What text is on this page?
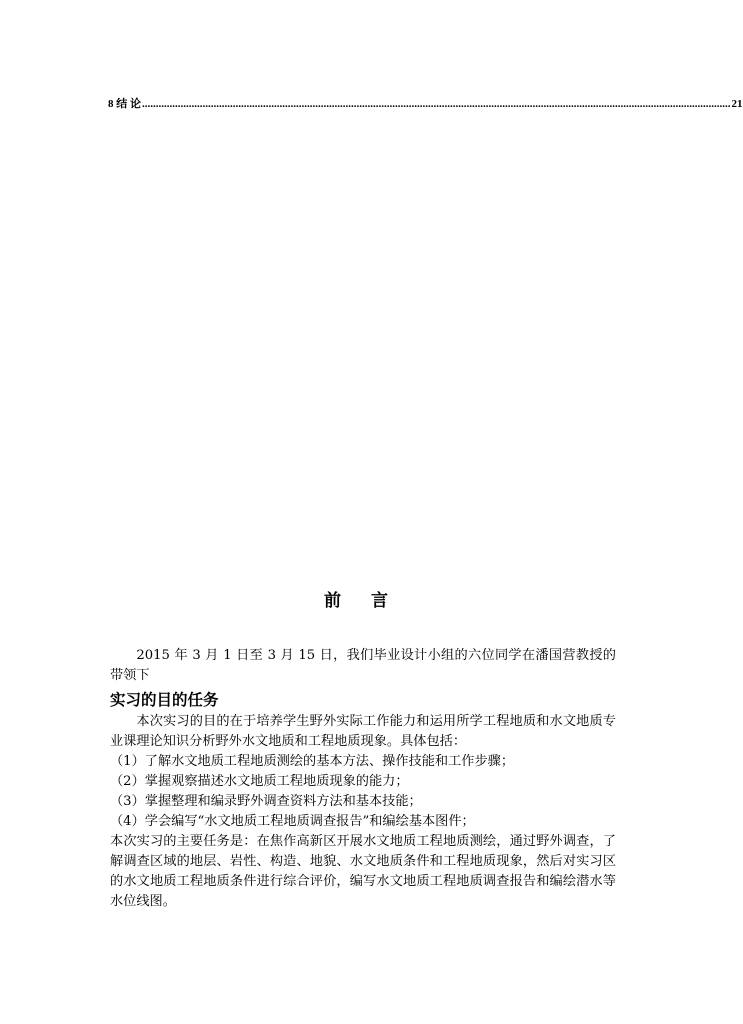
8 结 论 ...................................................................................................................................................................................................................... 21
前 言

2015 年 3 月 1 日至 3 月 15 日，我们毕业设计小组的六位同学在潘国营教授的带领下

实习的目的任务

本次实习的目的在于培养学生野外实际工作能力和运用所学工程地质和水文地质专业课理论知识分析野外水文地质和工程地质现象。具体包括：

（1）了解水文地质工程地质测绘的基本方法、操作技能和工作步骤；

（2）掌握观察描述水文地质工程地质现象的能力；

（3）掌握整理和编录野外调查资料方法和基本技能；

（4）学会编写“水文地质工程地质调查报告”和编绘基本图件；

本次实习的主要任务是：在焦作高新区开展水文地质工程地质测绘，通过野外调查，了解调查区域的地层、岩性、构造、地貌、水文地质条件和工程地质现象，然后对实习区的水文地质工程地质条件进行综合评价，编写水文地质工程地质调查报告和编绘潜水等水位线图。
